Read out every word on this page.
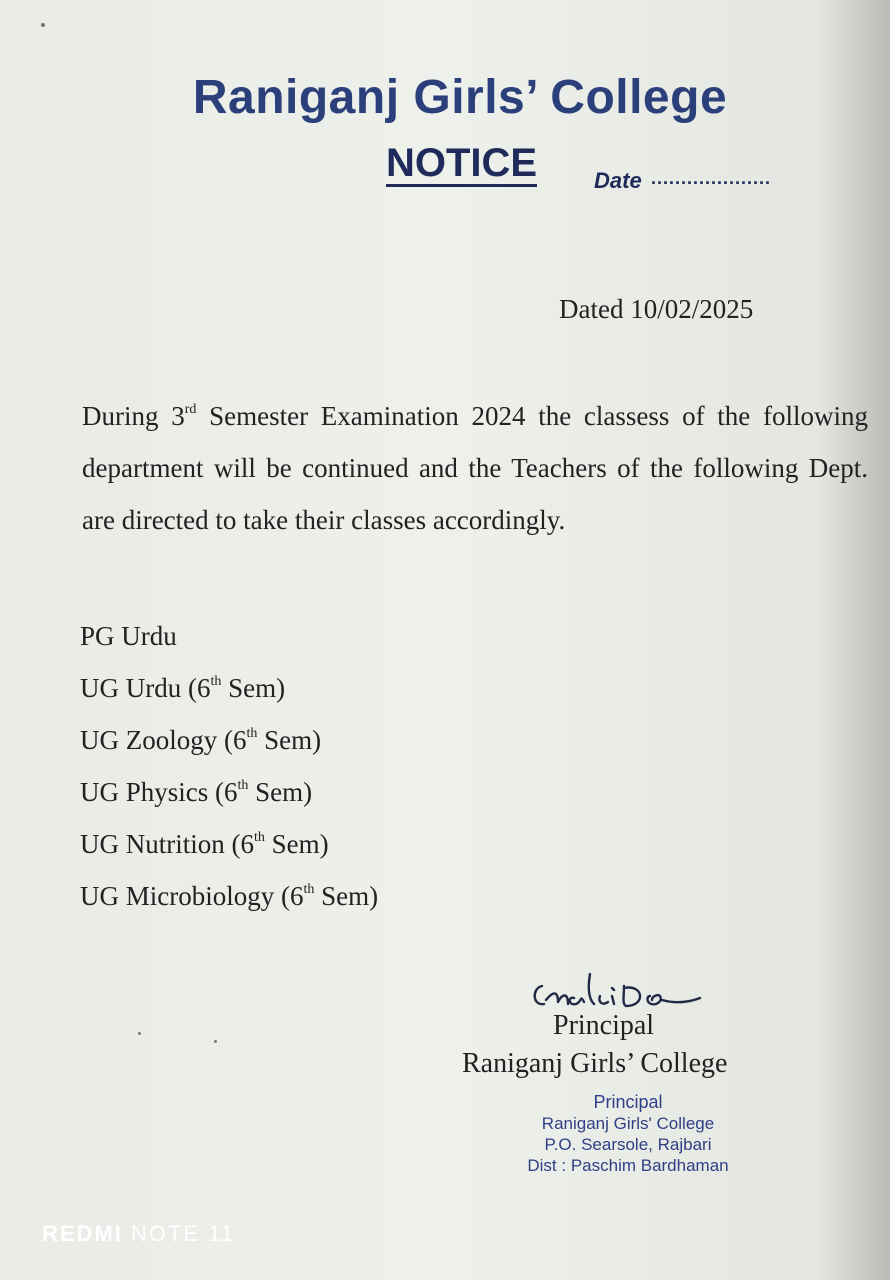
Raniganj Girls’ College
NOTICE	Date ....................
Dated 10/02/2025
During 3rd Semester Examination 2024 the classess of the following department will be continued and the Teachers of the following Dept. are directed to take their classes accordingly.
PG Urdu
UG Urdu (6th Sem)
UG Zoology (6th Sem)
UG Physics (6th Sem)
UG Nutrition (6th Sem)
UG Microbiology (6th Sem)
Principal
Raniganj Girls’ College
Principal
Raniganj Girls' College
P.O. Searsole, Rajbari
Dist : Paschim Bardhaman
REDMI NOTE 11
